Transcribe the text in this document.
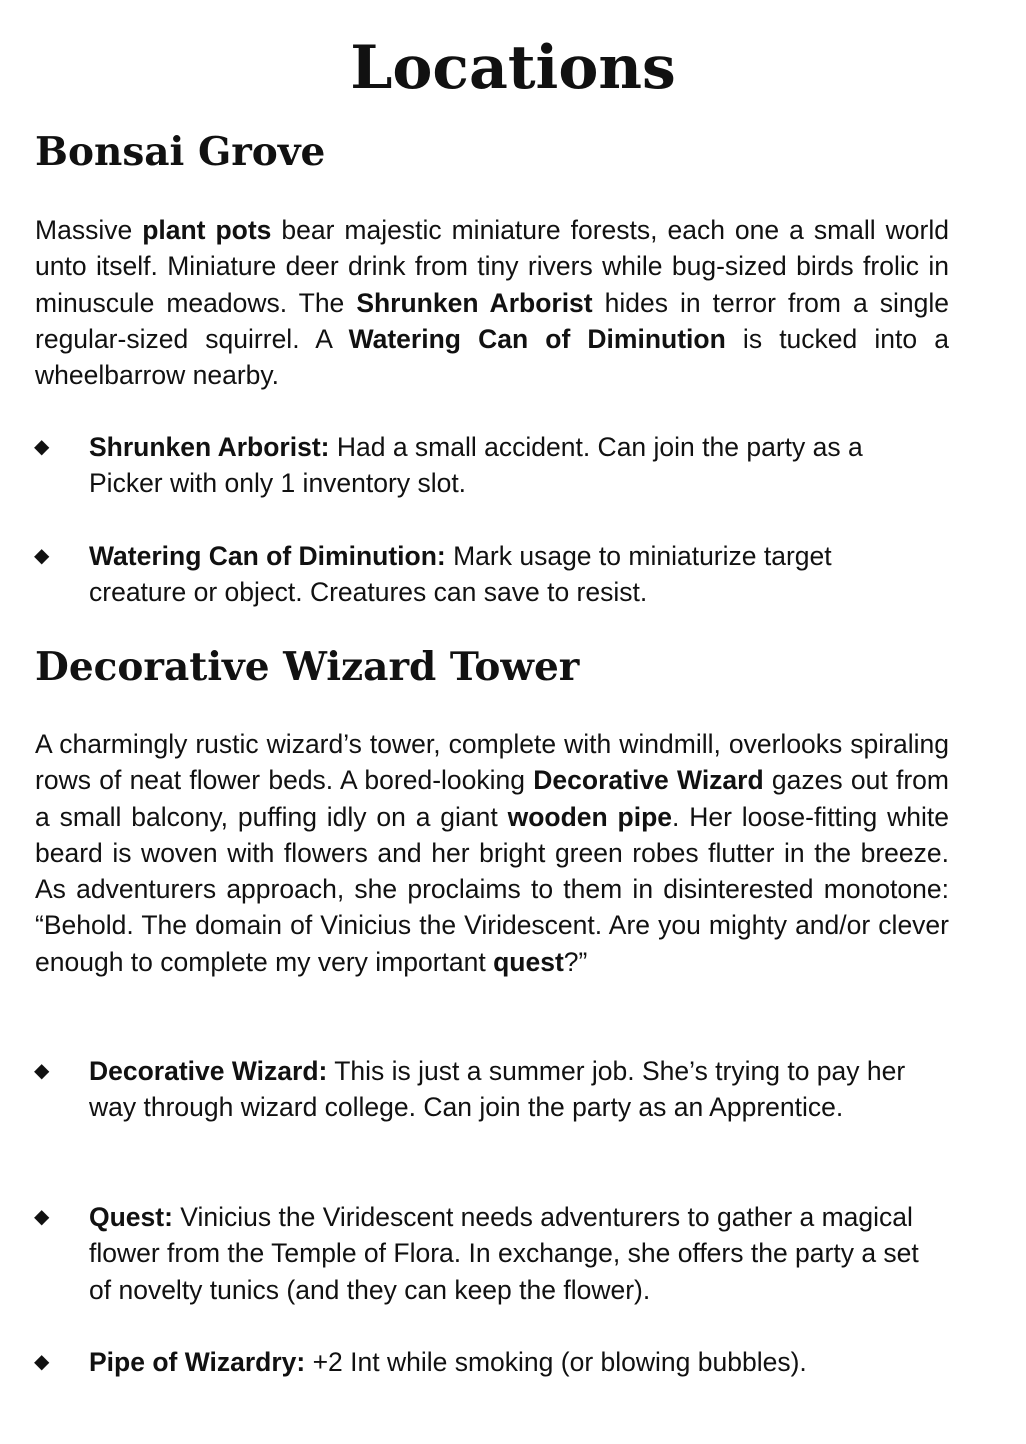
Locations
Bonsai Grove

Massive plant pots bear majestic miniature forests, each one a small world unto itself. Miniature deer drink from tiny rivers while bug-sized birds frolic in minuscule meadows. The Shrunken Arborist hides in terror from a single regular-sized squirrel. A Watering Can of Diminution is tucked into a wheelbarrow nearby.

◆ Shrunken Arborist: Had a small accident. Can join the party as a Picker with only 1 inventory slot.

◆ Watering Can of Diminution: Mark usage to miniaturize target creature or object. Creatures can save to resist.

Decorative Wizard Tower

A charmingly rustic wizard’s tower, complete with windmill, overlooks spiraling rows of neat flower beds. A bored-looking Decorative Wizard gazes out from a small balcony, puffing idly on a giant wooden pipe. Her loose-fitting white beard is woven with flowers and her bright green robes flutter in the breeze. As adventurers approach, she proclaims to them in disinterested monotone: “Behold. The domain of Vinicius the Viridescent. Are you mighty and/or clever enough to complete my very important quest?”

◆ Decorative Wizard: This is just a summer job. She’s trying to pay her way through wizard college. Can join the party as an Apprentice.

◆ Quest: Vinicius the Viridescent needs adventurers to gather a magical flower from the Temple of Flora. In exchange, she offers the party a set of novelty tunics (and they can keep the flower).

◆ Pipe of Wizardry: +2 Int while smoking (or blowing bubbles).
